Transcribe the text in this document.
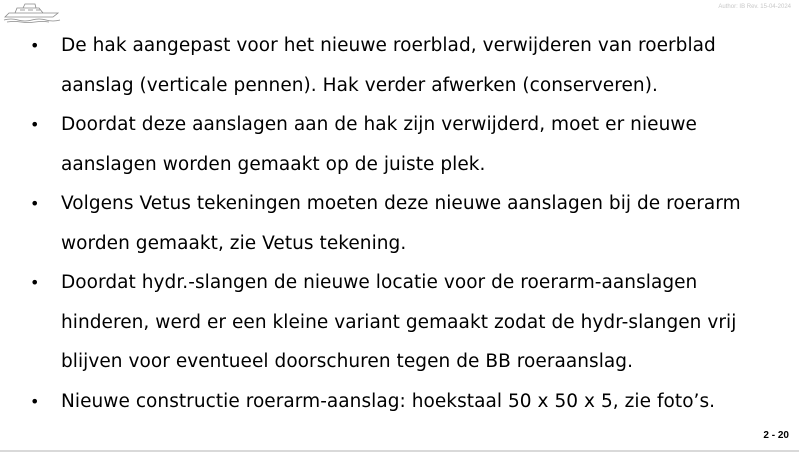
Author: IB Rev. 15-04-2024
• De hak aangepast voor het nieuwe roerblad, verwijderen van roerblad aanslag (verticale pennen). Hak verder afwerken (conserveren).
• Doordat deze aanslagen aan de hak zijn verwijderd, moet er nieuwe aanslagen worden gemaakt op de juiste plek.
• Volgens Vetus tekeningen moeten deze nieuwe aanslagen bij de roerarm worden gemaakt, zie Vetus tekening.
• Doordat hydr.-slangen de nieuwe locatie voor de roerarm-aanslagen hinderen, werd er een kleine variant gemaakt zodat de hydr-slangen vrij blijven voor eventueel doorschuren tegen de BB roeraanslag.
• Nieuwe constructie roerarm-aanslag: hoekstaal 50 x 50 x 5, zie foto’s.
2 - 20
